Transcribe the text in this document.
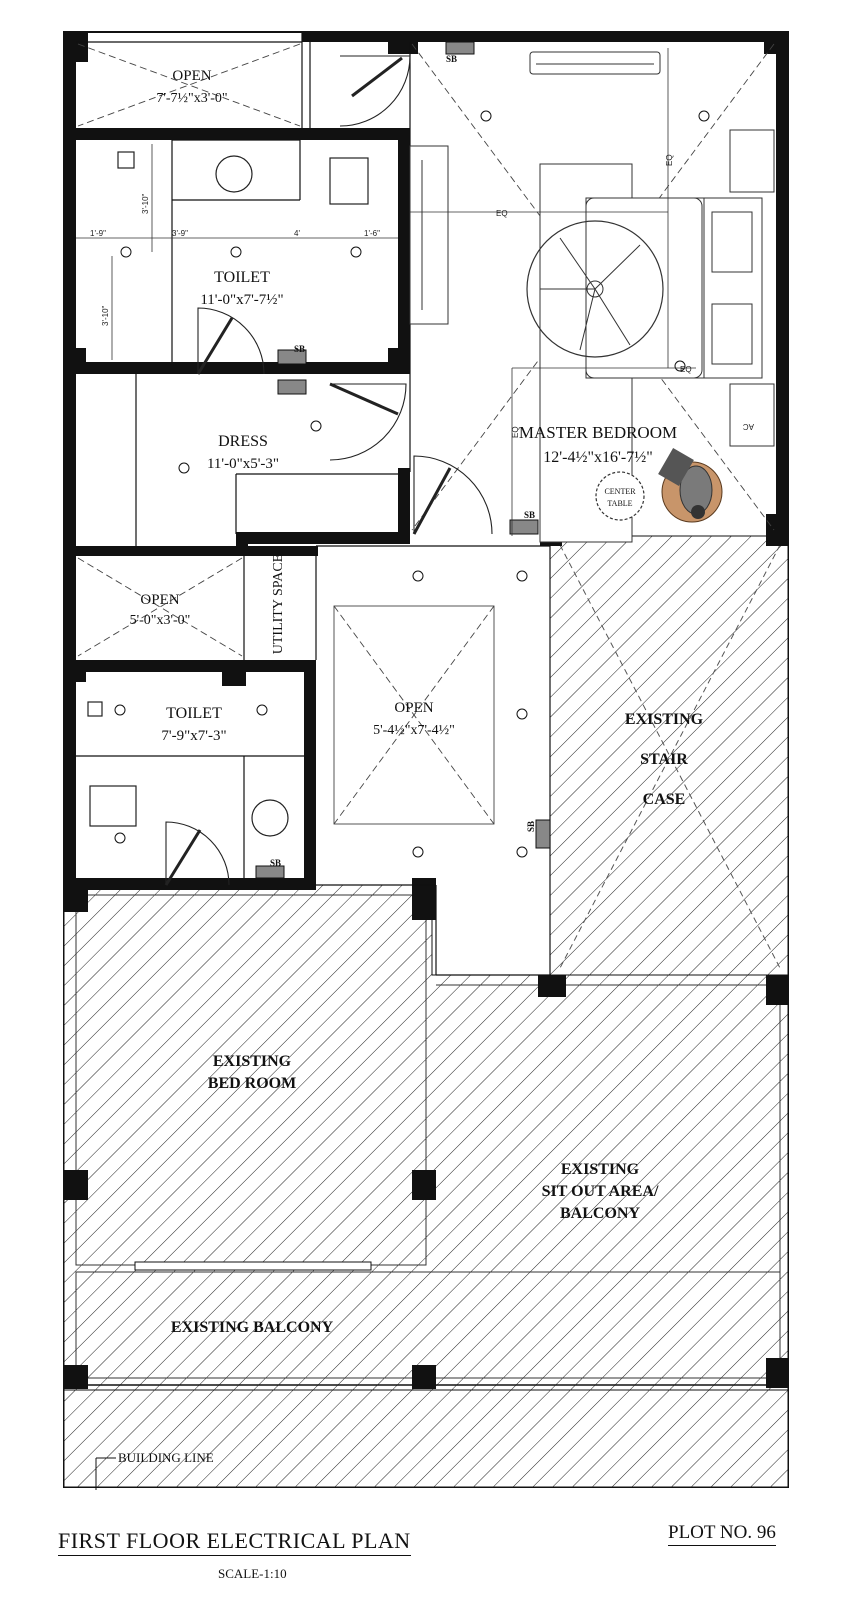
1'-9"	3'-9"	4'	1'-6"
3'-10"
3'-10"
EQ
EQ
EQ
EQ	AC
SB
SB
SB
SB
SB
OPEN
7'-7½"x3'-0"
TOILET
11'-0"x7'-7½"
DRESS
11'-0"x5'-3"
MASTER BEDROOM
12'-4½"x16'-7½"
CENTER
TABLE
OPEN
5'-0"x3'-0"	UTILITY SPACE
OPEN
5'-4½"x7'-4½"
TOILET
7'-9"x7'-3"
EXISTING
STAIR
CASE
EXISTING
BED ROOM
EXISTING
SIT OUT AREA/
BALCONY
EXISTING BALCONY
BUILDING LINE
FIRST FLOOR ELECTRICAL PLAN
SCALE-1:10
PLOT NO. 96
